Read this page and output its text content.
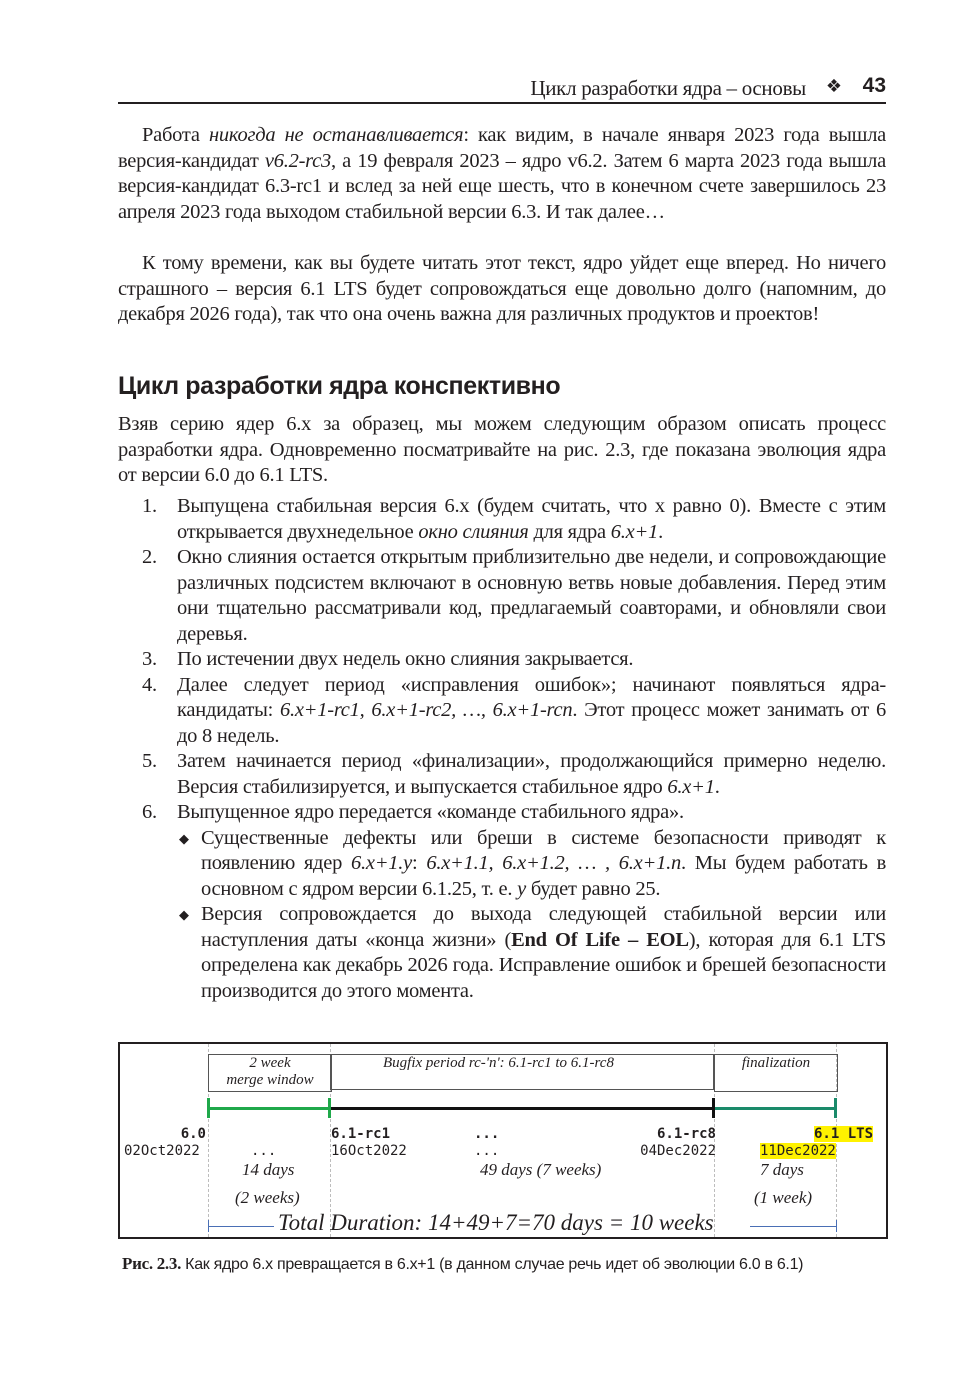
Цикл разработки ядра – основы ❖ 43

Работа никогда не останавливается: как видим, в начале января 2023 года вышла версия-кандидат v6.2-rc3, а 19 февраля 2023 – ядро v6.2. Затем 6 марта 2023 года вышла версия-кандидат 6.3-rc1 и вслед за ней еще шесть, что в конечном счете завершилось 23 апреля 2023 года выходом стабильной версии 6.3. И так далее…

К тому времени, как вы будете читать этот текст, ядро уйдет еще вперед. Но ничего страшного – версия 6.1 LTS будет сопровождаться еще довольно долго (напомним, до декабря 2026 года), так что она очень важна для различных продуктов и проектов!

Цикл разработки ядра конспективно

Взяв серию ядер 6.x за образец, мы можем следующим образом описать процесс разработки ядра. Одновременно посматривайте на рис. 2.3, где показана эволюция ядра от версии 6.0 до 6.1 LTS.

1. Выпущена стабильная версия 6.x (будем считать, что x равно 0). Вместе с этим открывается двухнедельное окно слияния для ядра 6.x+1.
2. Окно слияния остается открытым приблизительно две недели, и сопровождающие различных подсистем включают в основную ветвь новые добавления. Перед этим они тщательно рассматривали код, предлагаемый соавторами, и обновляли свои деревья.
3. По истечении двух недель окно слияния закрывается.
4. Далее следует период «исправления ошибок»; начинают появляться ядра-кандидаты: 6.x+1-rc1, 6.x+1-rc2, …, 6.x+1-rcn. Этот процесс может занимать от 6 до 8 недель.
5. Затем начинается период «финализации», продолжающийся примерно неделю. Версия стабилизируется, и выпускается стабильное ядро 6.x+1.
6. Выпущенное ядро передается «команде стабильного ядра».
◆ Существенные дефекты или бреши в системе безопасности приводят к появлению ядер 6.x+1.y: 6.x+1.1, 6.x+1.2, … , 6.x+1.n. Мы будем работать в основном с ядром версии 6.1.25, т. е. y будет равно 25.
◆ Версия сопровождается до выхода следующей стабильной версии или наступления даты «конца жизни» (End Of Life – EOL), которая для 6.1 LTS определена как декабрь 2026 года. Исправление ошибок и брешей безопасности производится до этого момента.
2 week
merge window
Bugfix period rc-'n': 6.1-rc1 to 6.1-rc8	finalization
6.0
02Oct2022	...
14 days
(2 weeks)
6.1-rc1
16Oct2022
...
...
49 days (7 weeks)
6.1-rc8
04Dec2022
6.1 LTS
11Dec2022
7 days
(1 week)
Total Duration: 14+49+7=70 days = 10 weeks
Рис. 2.3. Как ядро 6.x превращается в 6.x+1 (в данном случае речь идет об эволюции 6.0 в 6.1)
